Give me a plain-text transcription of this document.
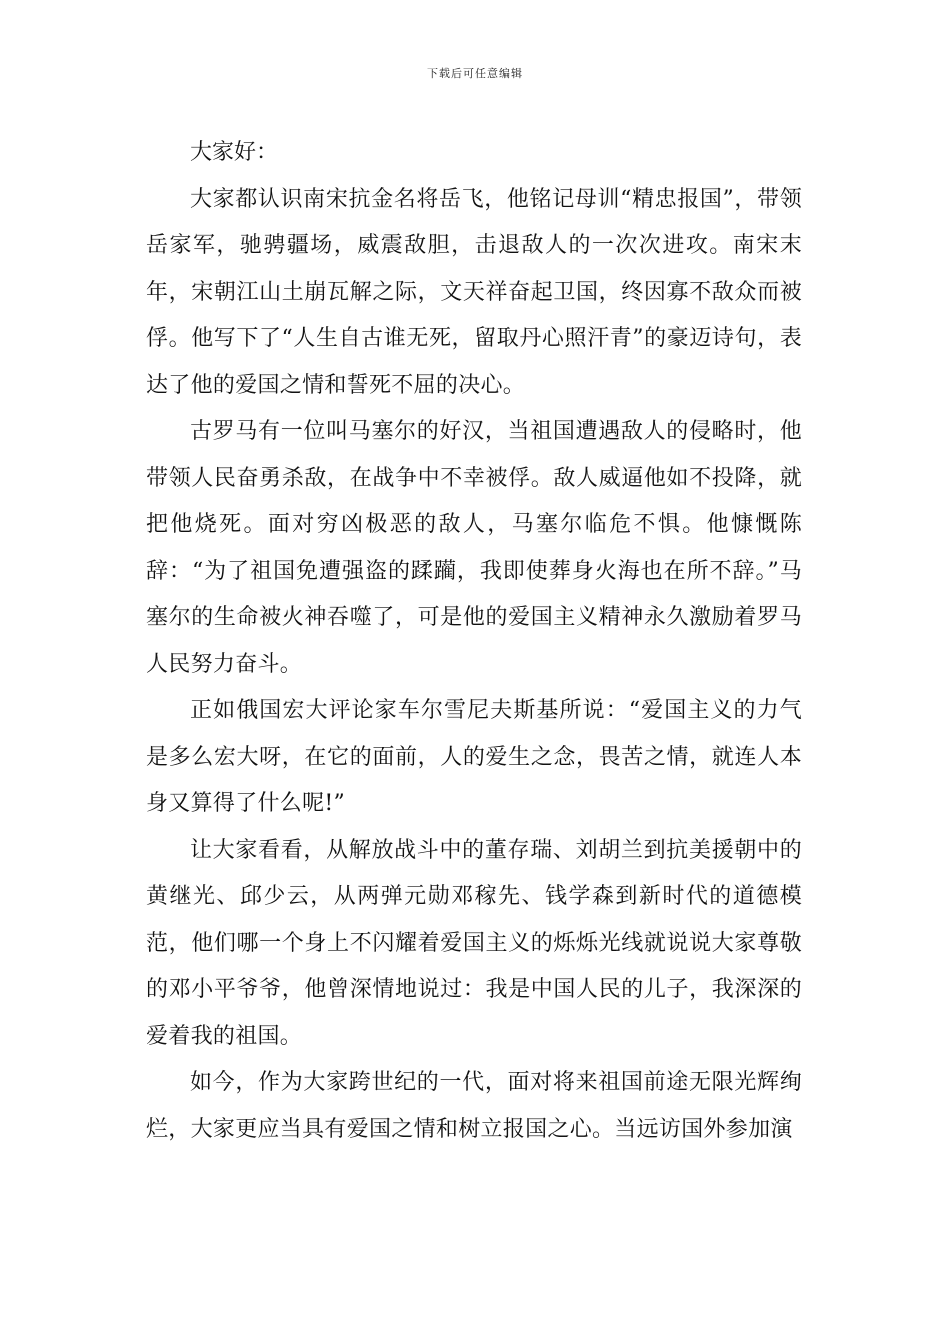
下载后可任意编辑

大家好：

大家都认识南宋抗金名将岳飞，他铭记母训“精忠报国”，带领岳家军，驰骋疆场，威震敌胆，击退敌人的一次次进攻。南宋末年，宋朝江山土崩瓦解之际，文天祥奋起卫国，终因寡不敌众而被俘。他写下了“人生自古谁无死，留取丹心照汗青”的豪迈诗句，表达了他的爱国之情和誓死不屈的决心。

古罗马有一位叫马塞尔的好汉，当祖国遭遇敌人的侵略时，他带领人民奋勇杀敌，在战争中不幸被俘。敌人威逼他如不投降，就把他烧死。面对穷凶极恶的敌人，马塞尔临危不惧。他慷慨陈辞：“为了祖国免遭强盗的蹂躏，我即使葬身火海也在所不辞。”马塞尔的生命被火神吞噬了，可是他的爱国主义精神永久激励着罗马人民努力奋斗。

正如俄国宏大评论家车尔雪尼夫斯基所说：“爱国主义的力气是多么宏大呀，在它的面前，人的爱生之念，畏苦之情，就连人本身又算得了什么呢!”

让大家看看，从解放战斗中的董存瑞、刘胡兰到抗美援朝中的黄继光、邱少云，从两弹元勋邓稼先、钱学森到新时代的道德模范，他们哪一个身上不闪耀着爱国主义的烁烁光线就说说大家尊敬的邓小平爷爷，他曾深情地说过：我是中国人民的儿子，我深深的爱着我的祖国。

如今，作为大家跨世纪的一代，面对将来祖国前途无限光辉绚烂，大家更应当具有爱国之情和树立报国之心。当远访国外参加演
